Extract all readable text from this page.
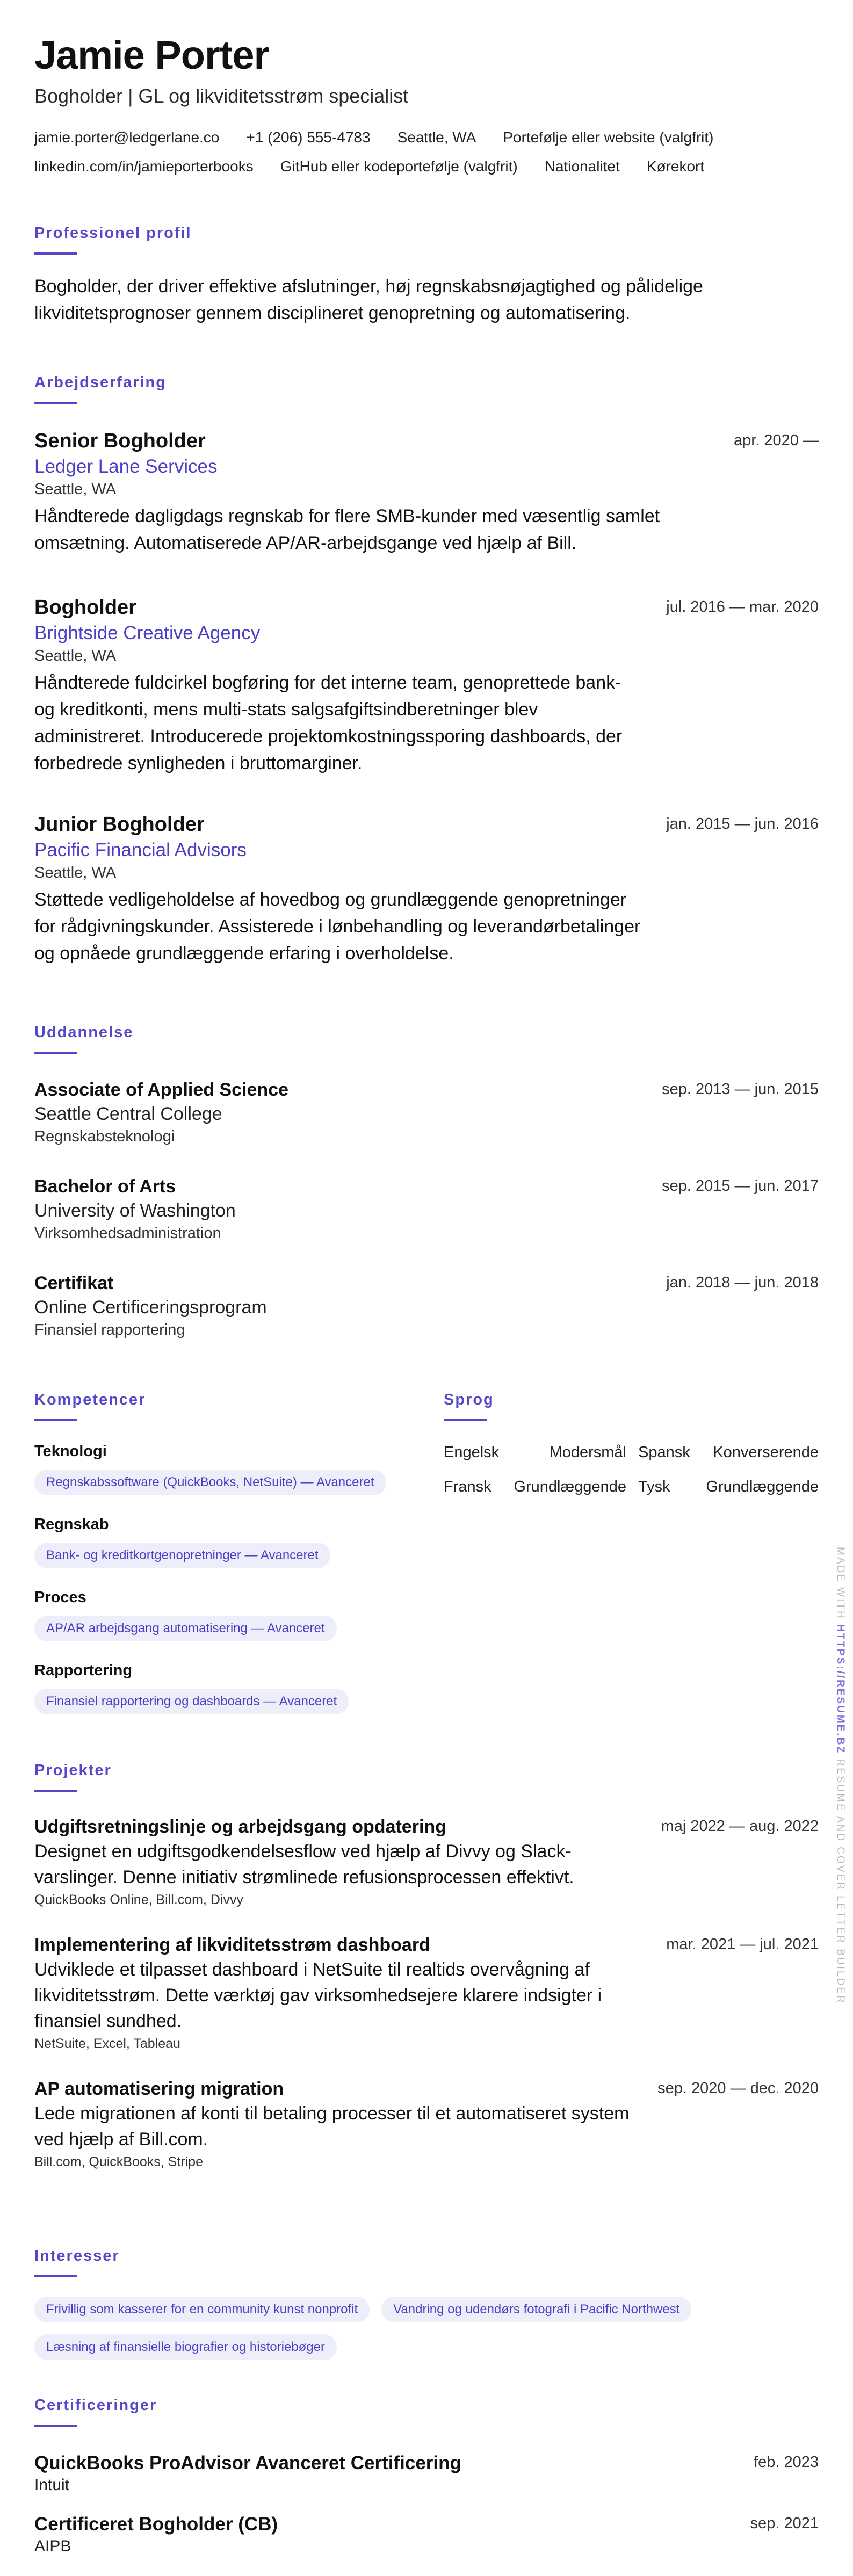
Jamie Porter
Bogholder | GL og likviditetsstrøm specialist
jamie.porter@ledgerlane.co +1 (206) 555-4783 Seattle, WA Portefølje eller website (valgfrit)
linkedin.com/in/jamieporterbooks GitHub eller kodeportefølje (valgfrit) Nationalitet Kørekort
Professionel profil
Bogholder, der driver effektive afslutninger, høj regnskabsnøjagtighed og pålidelige
likviditetsprognoser gennem disciplineret genopretning og automatisering.
Arbejdserfaring
Senior Bogholder	apr. 2020 —
Ledger Lane Services
Seattle, WA
Håndterede dagligdags regnskab for flere SMB-kunder med væsentlig samlet
omsætning. Automatiserede AP/AR-arbejdsgange ved hjælp af Bill.
Bogholder	jul. 2016 — mar. 2020
Brightside Creative Agency
Seattle, WA
Håndterede fuldcirkel bogføring for det interne team, genoprettede bank-
og kreditkonti, mens multi-stats salgsafgiftsindberetninger blev
administreret. Introducerede projektomkostningssporing dashboards, der
forbedrede synligheden i bruttomarginer.
Junior Bogholder	jan. 2015 — jun. 2016
Pacific Financial Advisors
Seattle, WA
Støttede vedligeholdelse af hovedbog og grundlæggende genopretninger
for rådgivningskunder. Assisterede i lønbehandling og leverandørbetalinger
og opnåede grundlæggende erfaring i overholdelse.
Uddannelse
Associate of Applied Science	sep. 2013 — jun. 2015
Seattle Central College
Regnskabsteknologi
Bachelor of Arts	sep. 2015 — jun. 2017
University of Washington
Virksomhedsadministration
Certifikat	jan. 2018 — jun. 2018
Online Certificeringsprogram
Finansiel rapportering
Kompetencer
Teknologi
Regnskabssoftware (QuickBooks, NetSuite) — Avanceret
Regnskab
Bank- og kreditkortgenopretninger — Avanceret
Proces
AP/AR arbejdsgang automatisering — Avanceret
Rapportering
Finansiel rapportering og dashboards — Avanceret
Sprog
Engelsk	Modersmål Spansk Konverserende
Fransk Grundlæggende Tysk Grundlæggende
Projekter
Udgiftsretningslinje og arbejdsgang opdatering	maj 2022 — aug. 2022
Designet en udgiftsgodkendelsesflow ved hjælp af Divvy og Slack-
varslinger. Denne initiativ strømlinede refusionsprocessen effektivt.
QuickBooks Online, Bill.com, Divvy
Implementering af likviditetsstrøm dashboard	mar. 2021 — jul. 2021
Udviklede et tilpasset dashboard i NetSuite til realtids overvågning af
likviditetsstrøm. Dette værktøj gav virksomhedsejere klarere indsigter i
finansiel sundhed.
NetSuite, Excel, Tableau
AP automatisering migration	sep. 2020 — dec. 2020
Lede migrationen af konti til betaling processer til et automatiseret system
ved hjælp af Bill.com.
Bill.com, QuickBooks, Stripe
Interesser
Frivillig som kasserer for en community kunst nonprofit	Vandring og udendørs fotografi i Pacific Northwest
Læsning af finansielle biografier og historiebøger
Certificeringer
QuickBooks ProAdvisor Avanceret Certificering	feb. 2023
Intuit
Certificeret Bogholder (CB)	sep. 2021
AIPB
MADE WITH HTTPS://RESUME.BZ RESUME AND COVER LETTER BUILDER
